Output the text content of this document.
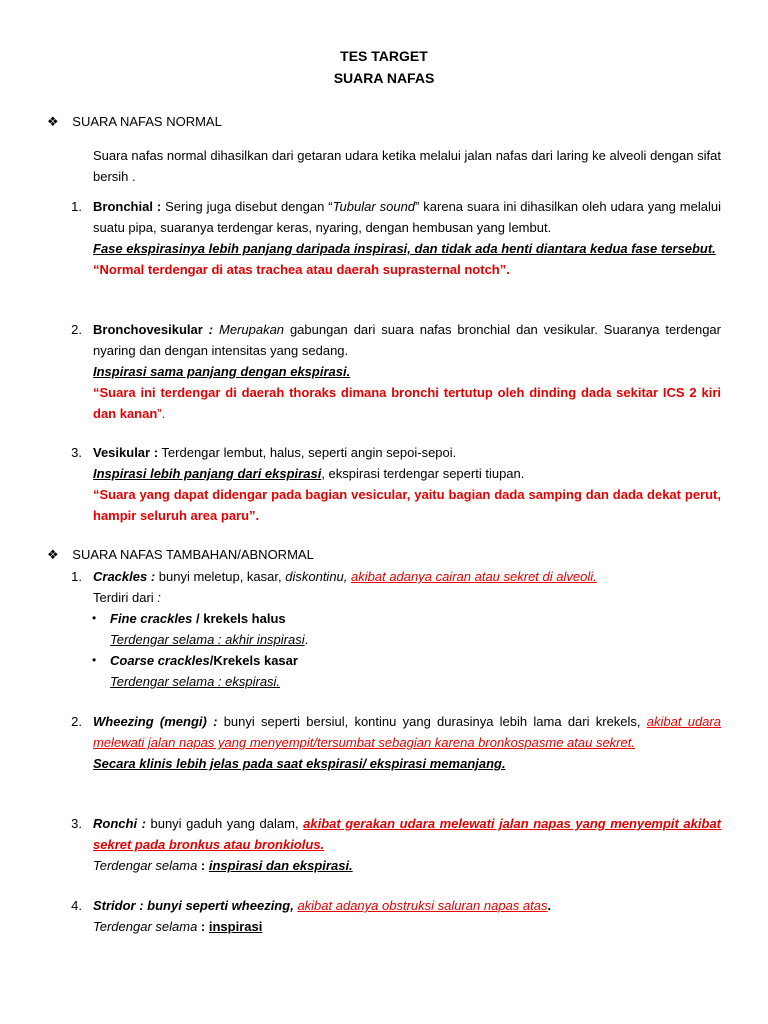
TES TARGET
SUARA NAFAS
❖ SUARA NAFAS NORMAL

Suara nafas normal dihasilkan dari getaran udara ketika melalui jalan nafas dari laring ke alveoli dengan sifat bersih .

1. Bronchial : Sering juga disebut dengan “Tubular sound” karena suara ini dihasilkan oleh udara yang melalui suatu pipa, suaranya terdengar keras, nyaring, dengan hembusan yang lembut.

Fase ekspirasinya lebih panjang daripada inspirasi, dan tidak ada henti diantara kedua fase tersebut.

“Normal terdengar di atas trachea atau daerah suprasternal notch”.

2. Bronchovesikular : Merupakan gabungan dari suara nafas bronchial dan vesikular. Suaranya terdengar nyaring dan dengan intensitas yang sedang.

Inspirasi sama panjang dengan ekspirasi.

“Suara ini terdengar di daerah thoraks dimana bronchi tertutup oleh dinding dada sekitar ICS 2 kiri dan kanan”.

3. Vesikular : Terdengar lembut, halus, seperti angin sepoi-sepoi.

Inspirasi lebih panjang dari ekspirasi, ekspirasi terdengar seperti tiupan.

“Suara yang dapat didengar pada bagian vesicular, yaitu bagian dada samping dan dada dekat perut, hampir seluruh area paru”.

❖ SUARA NAFAS TAMBAHAN/ABNORMAL
1. Crackles : bunyi meletup, kasar, diskontinu, akibat adanya cairan atau sekret di alveoli.

Terdiri dari :

• Fine crackles / krekels halus

Terdengar selama : akhir inspirasi.

• Coarse crackles/Krekels kasar

Terdengar selama : ekspirasi.

2. Wheezing (mengi) : bunyi seperti bersiul, kontinu yang durasinya lebih lama dari krekels, akibat udara melewati jalan napas yang menyempit/tersumbat sebagian karena bronkospasme atau sekret.

Secara klinis lebih jelas pada saat ekspirasi/ ekspirasi memanjang.

3. Ronchi : bunyi gaduh yang dalam, akibat gerakan udara melewati jalan napas yang menyempit akibat sekret pada bronkus atau bronkiolus.

Terdengar selama : inspirasi dan ekspirasi.

4. Stridor : bunyi seperti wheezing, akibat adanya obstruksi saluran napas atas.

Terdengar selama : inspirasi
